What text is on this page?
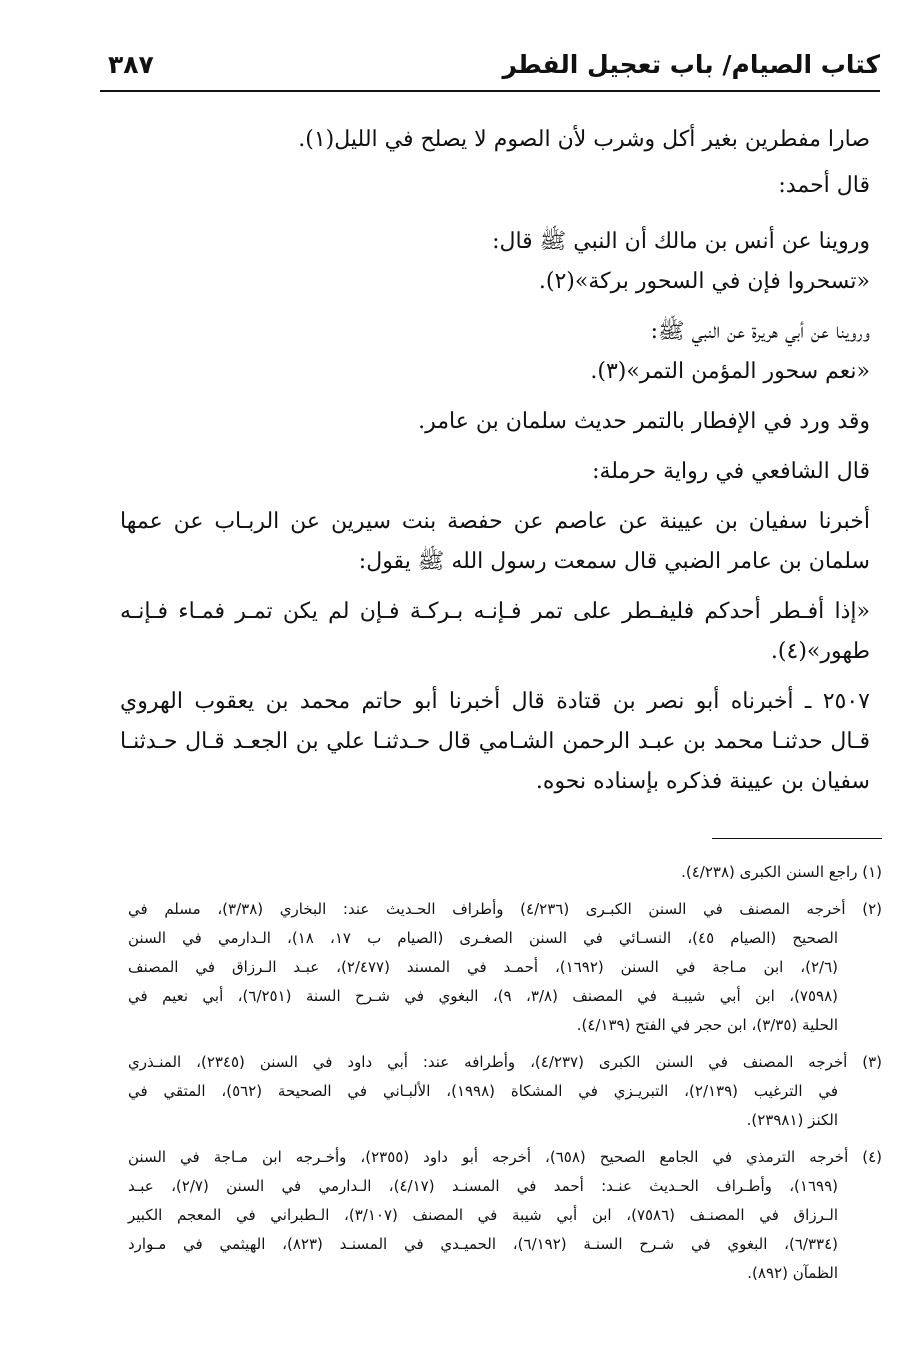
كتاب الصيام/ باب تعجيل الفطر
٣٨٧
صارا مفطرين بغير أكل وشرب لأن الصوم لا يصلح في الليل(١).
قال أحمد:
وروينا عن أنس بن مالك أن النبي ﷺ قال:
«تسحروا فإن في السحور بركة»(٢).
وروينا عن أبي هريرة عن النبي ﷺ:
«نعم سحور المؤمن التمر»(٣).
وقد ورد في الإفطار بالتمر حديث سلمان بن عامر.
قال الشافعي في رواية حرملة:
أخبرنا سفيان بن عيينة عن عاصم عن حفصة بنت سيرين عن الربـاب عن عمها
سلمان بن عامر الضبي قال سمعت رسول الله ﷺ يقول:
«إذا أفـطر أحدكم فليفـطر على تمر فـإنـه بـركـة فـإن لم يكن تمـر فمـاء فـإنـه
طهور»(٤).
٢٥٠٧ ـ أخبرناه أبو نصر بن قتادة قال أخبرنا أبو حاتم محمد بن يعقوب الهروي
قـال حدثنـا محمد بن عبـد الرحمن الشـامي قال حـدثنـا علي بن الجعـد قـال حـدثنـا
سفيان بن عيينة فذكره بإسناده نحوه.
(١) راجع السنن الكبرى (٤/٢٣٨).
(٢) أخرجه المصنف في السنن الكبـرى (٤/٢٣٦) وأطراف الحـديث عند: البخاري (٣/٣٨)، مسلم في
الصحيح (الصيام ٤٥)، النسـائي في السنن الصغـرى (الصيام ب ١٧، ١٨)، الـدارمي في السنن
(٢/٦)، ابن مـاجة في السنن (١٦٩٢)، أحمـد في المسند (٢/٤٧٧)، عبـد الـرزاق في المصنف
(٧٥٩٨)، ابن أبي شيبـة في المصنف (٣/٨، ٩)، البغوي في شـرح السنة (٦/٢٥١)، أبي نعيم في
الحلية (٣/٣٥)، ابن حجر في الفتح (٤/١٣٩).
(٣) أخرجه المصنف في السنن الكبرى (٤/٢٣٧)، وأطرافه عند: أبي داود في السنن (٢٣٤٥)، المنـذري
في الترغيب (٢/١٣٩)، التبريـزي في المشكاة (١٩٩٨)، الألبـاني في الصحيحة (٥٦٢)، المتقي في
الكنز (٢٣٩٨١).
(٤) أخرجه الترمذي في الجامع الصحيح (٦٥٨)، أخرجه أبو داود (٢٣٥٥)، وأخـرجه ابن مـاجة في السنن
(١٦٩٩)، وأطـراف الحـديث عنـد: أحمد في المسنـد (٤/١٧)، الـدارمي في السنن (٢/٧)، عبـد
الـرزاق في المصنـف (٧٥٨٦)، ابن أبي شيبة في المصنف (٣/١٠٧)، الـطبراني في المعجم الكبير
(٦/٣٣٤)، البغوي في شـرح السنـة (٦/١٩٢)، الحميـدي في المسنـد (٨٢٣)، الهيثمي في مـوارد
الظمآن (٨٩٢).
